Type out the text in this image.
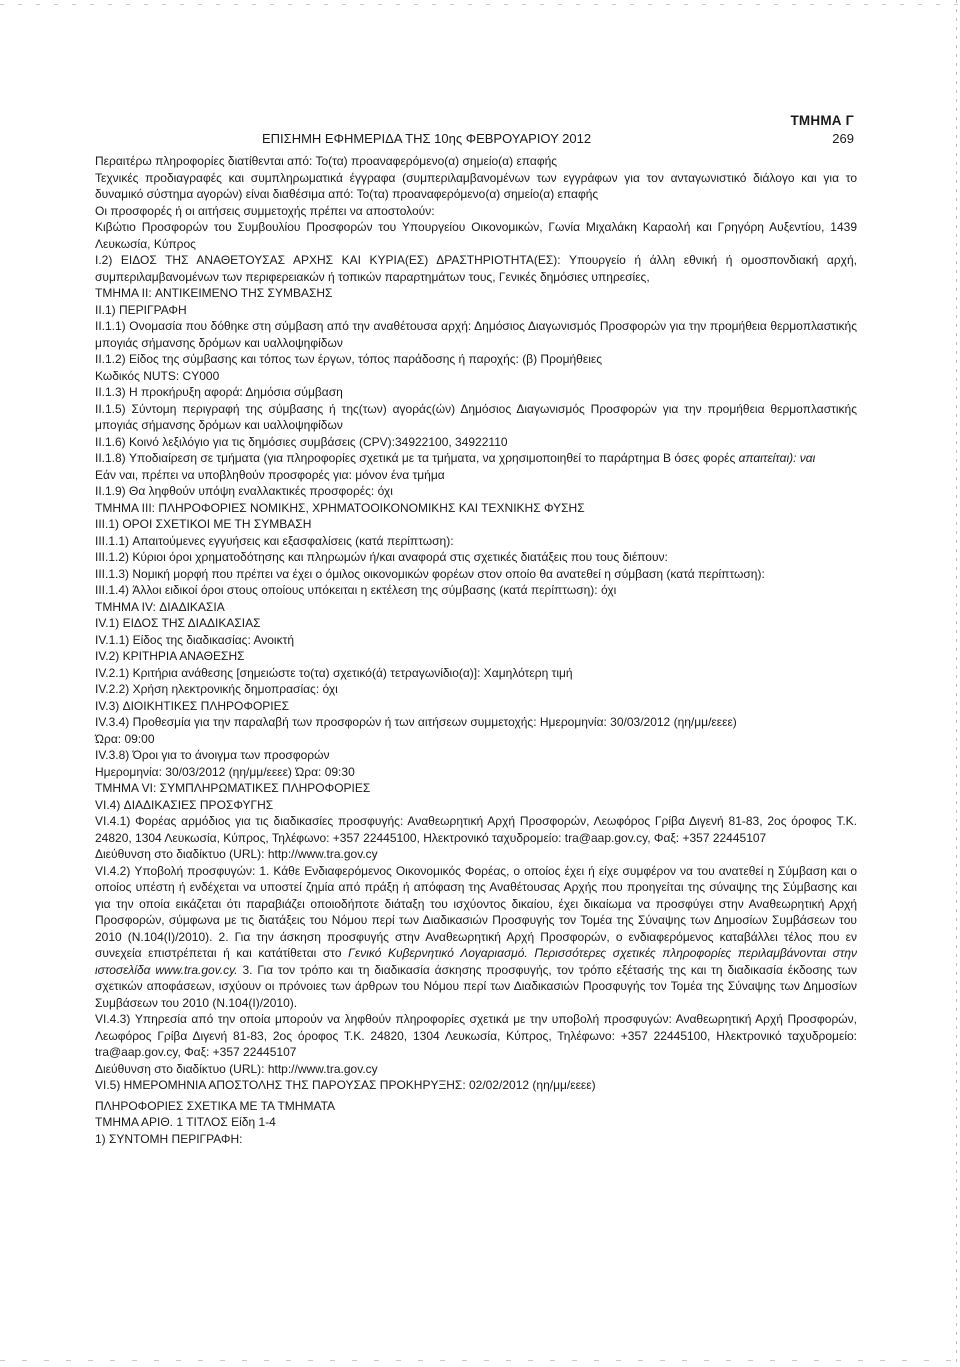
ΤΜΗΜΑ Γ
ΕΠΙΣΗΜΗ ΕΦΗΜΕΡΙΔΑ ΤΗΣ 10ης ΦΕΒΡΟΥΑΡΙΟΥ 2012	269

Περαιτέρω πληροφορίες διατίθενται από: Το(τα) προαναφερόμενο(α) σημείο(α) επαφής

Τεχνικές προδιαγραφές και συμπληρωματικά έγγραφα (συμπεριλαμβανομένων των εγγράφων για τον ανταγωνιστικό διάλογο και για το δυναμικό σύστημα αγορών) είναι διαθέσιμα από: Το(τα) προαναφερόμενο(α) σημείο(α) επαφής

Οι προσφορές ή οι αιτήσεις συμμετοχής πρέπει να αποστολούν:

Κιβώτιο Προσφορών του Συμβουλίου Προσφορών του Υπουργείου Οικονομικών, Γωνία Μιχαλάκη Καραολή και Γρηγόρη Αυξεντίου, 1439 Λευκωσία, Κύπρος

I.2) ΕΙΔΟΣ ΤΗΣ ΑΝΑΘΕΤΟΥΣΑΣ ΑΡΧΗΣ ΚΑΙ ΚΥΡΙΑ(ΕΣ) ΔΡΑΣΤΗΡΙΟΤΗΤΑ(ΕΣ): Υπουργείο ή άλλη εθνική ή ομοσπονδιακή αρχή, συμπεριλαμβανομένων των περιφερειακών ή τοπικών παραρτημάτων τους, Γενικές δημόσιες υπηρεσίες,

ΤΜΗΜΑ II: ΑΝΤΙΚΕΙΜΕΝΟ ΤΗΣ ΣΥΜΒΑΣΗΣ

II.1) ΠΕΡΙΓΡΑΦΗ

II.1.1) Ονομασία που δόθηκε στη σύμβαση από την αναθέτουσα αρχή: Δημόσιος Διαγωνισμός Προσφορών για την προμήθεια θερμοπλαστικής μπογιάς σήμανσης δρόμων και υαλλοψηφίδων

II.1.2) Είδος της σύμβασης και τόπος των έργων, τόπος παράδοσης ή παροχής: (β) Προμήθειες

Κωδικός NUTS: CY000

II.1.3) Η προκήρυξη αφορά: Δημόσια σύμβαση

II.1.5) Σύντομη περιγραφή της σύμβασης ή της(των) αγοράς(ών) Δημόσιος Διαγωνισμός Προσφορών για την προμήθεια θερμοπλαστικής μπογιάς σήμανσης δρόμων και υαλλοψηφίδων

II.1.6) Κοινό λεξιλόγιο για τις δημόσιες συμβάσεις (CPV):34922100, 34922110

II.1.8) Υποδιαίρεση σε τμήματα (για πληροφορίες σχετικά με τα τμήματα, να χρησιμοποιηθεί το παράρτημα Β όσες φορές απαιτείται): ναι

Εάν ναι, πρέπει να υποβληθούν προσφορές για: μόνον ένα τμήμα

II.1.9) Θα ληφθούν υπόψη εναλλακτικές προσφορές: όχι

ΤΜΗΜΑ III: ΠΛΗΡΟΦΟΡΙΕΣ ΝΟΜΙΚΗΣ, ΧΡΗΜΑΤΟΟΙΚΟΝΟΜΙΚΗΣ ΚΑΙ ΤΕΧΝΙΚΗΣ ΦΥΣΗΣ

III.1) ΟΡΟΙ ΣΧΕΤΙΚΟΙ ΜΕ ΤΗ ΣΥΜΒΑΣΗ

III.1.1) Απαιτούμενες εγγυήσεις και εξασφαλίσεις (κατά περίπτωση):

III.1.2) Κύριοι όροι χρηματοδότησης και πληρωμών ή/και αναφορά στις σχετικές διατάξεις που τους διέπουν:

III.1.3) Νομική μορφή που πρέπει να έχει ο όμιλος οικονομικών φορέων στον οποίο θα ανατεθεί η σύμβαση (κατά περίπτωση):

III.1.4) Άλλοι ειδικοί όροι στους οποίους υπόκειται η εκτέλεση της σύμβασης (κατά περίπτωση): όχι

ΤΜΗΜΑ IV: ΔΙΑΔΙΚΑΣΙΑ

IV.1) ΕΙΔΟΣ ΤΗΣ ΔΙΑΔΙΚΑΣΙΑΣ

IV.1.1) Είδος της διαδικασίας: Ανοικτή

IV.2) ΚΡΙΤΗΡΙΑ ΑΝΑΘΕΣΗΣ

IV.2.1) Κριτήρια ανάθεσης [σημειώστε το(τα) σχετικό(ά) τετραγωνίδιο(α)]: Χαμηλότερη τιμή

IV.2.2) Χρήση ηλεκτρονικής δημοπρασίας: όχι

IV.3) ΔΙΟΙΚΗΤΙΚΕΣ ΠΛΗΡΟΦΟΡΙΕΣ

IV.3.4) Προθεσμία για την παραλαβή των προσφορών ή των αιτήσεων συμμετοχής: Ημερομηνία: 30/03/2012 (ηη/μμ/εεεε)

Ώρα: 09:00

IV.3.8) Όροι για το άνοιγμα των προσφορών

Ημερομηνία: 30/03/2012 (ηη/μμ/εεεε) Ώρα: 09:30

ΤΜΗΜΑ VI: ΣΥΜΠΛΗΡΩΜΑΤΙΚΕΣ ΠΛΗΡΟΦΟΡΙΕΣ

VI.4) ΔΙΑΔΙΚΑΣΙΕΣ ΠΡΟΣΦΥΓΗΣ

VI.4.1) Φορέας αρμόδιος για τις διαδικασίες προσφυγής: Αναθεωρητική Αρχή Προσφορών, Λεωφόρος Γρίβα Διγενή 81-83, 2ος όροφος Τ.Κ. 24820, 1304 Λευκωσία, Κύπρος, Τηλέφωνο: +357 22445100, Ηλεκτρονικό ταχυδρομείο: tra@aap.gov.cy, Φαξ: +357 22445107

Διεύθυνση στο διαδίκτυο (URL): http://www.tra.gov.cy

VI.4.2) Υποβολή προσφυγών: 1. Κάθε Ενδιαφερόμενος Οικονομικός Φορέας, ο οποίος έχει ή είχε συμφέρον να του ανατεθεί η Σύμβαση και ο οποίος υπέστη ή ενδέχεται να υποστεί ζημία από πράξη ή απόφαση της Αναθέτουσας Αρχής που προηγείται της σύναψης της Σύμβασης και για την οποία εικάζεται ότι παραβιάζει οποιοδήποτε διάταξη του ισχύοντος δικαίου, έχει δικαίωμα να προσφύγει στην Αναθεωρητική Αρχή Προσφορών, σύμφωνα με τις διατάξεις του Νόμου περί των Διαδικασιών Προσφυγής τον Τομέα της Σύναψης των Δημοσίων Συμβάσεων του 2010 (Ν.104(Ι)/2010). 2. Για την άσκηση προσφυγής στην Αναθεωρητική Αρχή Προσφορών, ο ενδιαφερόμενος καταβάλλει τέλος που εν συνεχεία επιστρέπεται ή και κατάτίθεται στο Γενικό Κυβερνητικό Λογαριασμό. Περισσότερες σχετικές πληροφορίες περιλαμβάνονται στην ιστοσελίδα www.tra.gov.cy. 3. Για τον τρόπο και τη διαδικασία άσκησης προσφυγής, τον τρόπο εξέτασής της και τη διαδικασία έκδοσης των σχετικών αποφάσεων, ισχύουν οι πρόνοιες των άρθρων του Νόμου περί των Διαδικασιών Προσφυγής τον Τομέα της Σύναψης των Δημοσίων Συμβάσεων του 2010 (Ν.104(Ι)/2010).

VI.4.3) Υπηρεσία από την οποία μπορούν να ληφθούν πληροφορίες σχετικά με την υποβολή προσφυγών: Αναθεωρητική Αρχή Προσφορών, Λεωφόρος Γρίβα Διγενή 81-83, 2ος όροφος Τ.Κ. 24820, 1304 Λευκωσία, Κύπρος, Τηλέφωνο: +357 22445100, Ηλεκτρονικό ταχυδρομείο: tra@aap.gov.cy, Φαξ: +357 22445107

Διεύθυνση στο διαδίκτυο (URL): http://www.tra.gov.cy

VI.5) ΗΜΕΡΟΜΗΝΙΑ ΑΠΟΣΤΟΛΗΣ ΤΗΣ ΠΑΡΟΥΣΑΣ ΠΡΟΚΗΡΥΞΗΣ: 02/02/2012 (ηη/μμ/εεεε)

ΠΛΗΡΟΦΟΡΙΕΣ ΣΧΕΤΙΚΑ ΜΕ ΤΑ ΤΜΗΜΑΤΑ

ΤΜΗΜΑ ΑΡΙΘ. 1 ΤΙΤΛΟΣ Είδη 1-4

1) ΣΥΝΤΟΜΗ ΠΕΡΙΓΡΑΦΗ:
